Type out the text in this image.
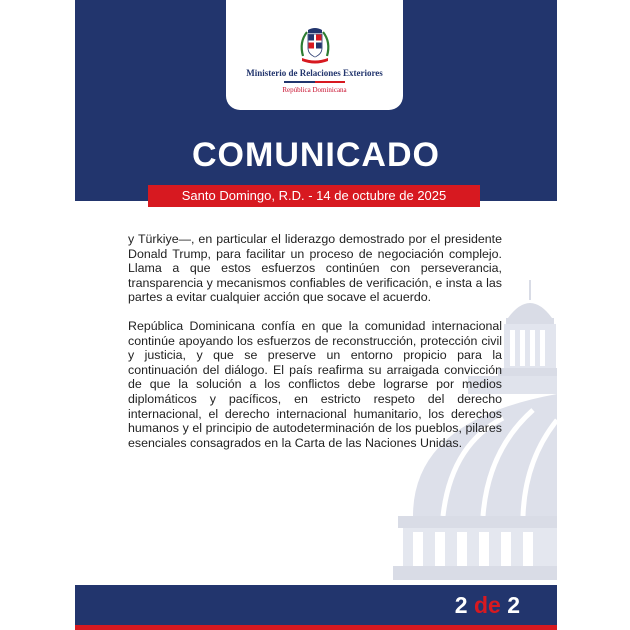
Ministerio de Relaciones Exteriores
República Dominicana
COMUNICADO
Santo Domingo, R.D. - 14 de octubre de 2025

y Türkiye—, en particular el liderazgo demostrado por el presidente Donald Trump, para facilitar un proceso de negociación complejo. Llama a que estos esfuerzos continúen con perseverancia, transparencia y mecanismos confiables de verificación, e insta a las partes a evitar cualquier acción que socave el acuerdo.

República Dominicana confía en que la comunidad internacional continúe apoyando los esfuerzos de reconstrucción, protección civil y justicia, y que se preserve un entorno propicio para la continuación del diálogo. El país reafirma su arraigada convicción de que la solución a los conflictos debe lograrse por medios diplomáticos y pacíficos, en estricto respeto del derecho internacional, el derecho internacional humanitario, los derechos humanos y el principio de autodeterminación de los pueblos, pilares esenciales consagrados en la Carta de las Naciones Unidas.

2 de 2
